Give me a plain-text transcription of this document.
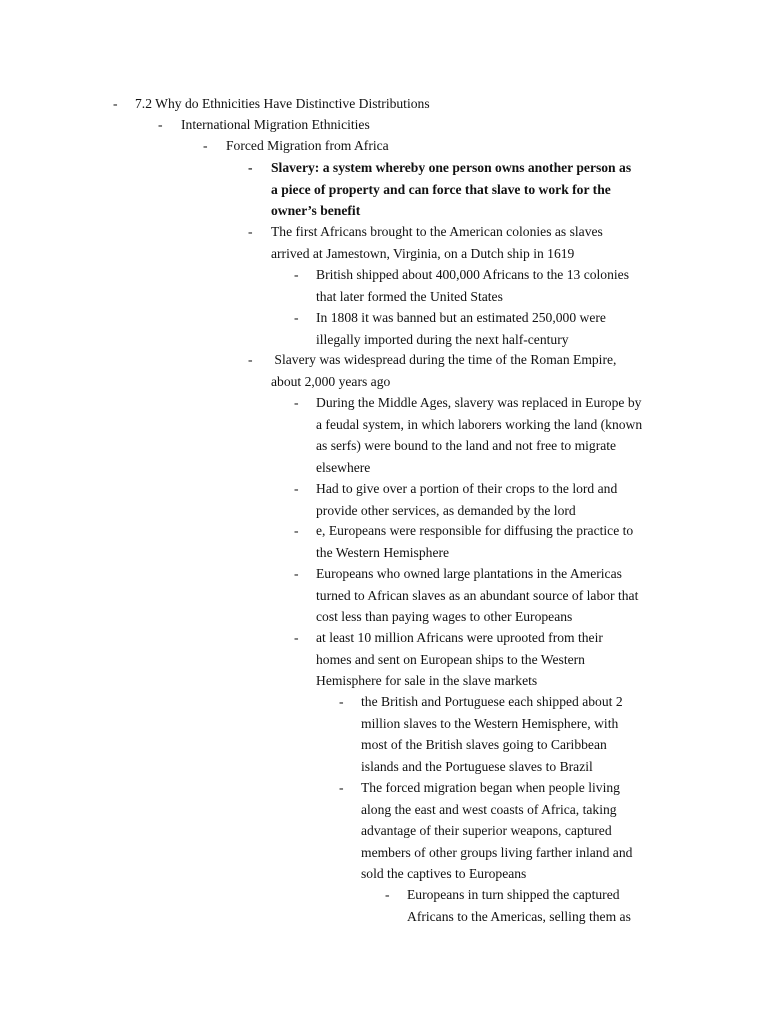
- 7.2 Why do Ethnicities Have Distinctive Distributions
- International Migration Ethnicities
- Forced Migration from Africa
- Slavery: a system whereby one person owns another person as
a piece of property and can force that slave to work for the
owner’s benefit
- The first Africans brought to the American colonies as slaves
arrived at Jamestown, Virginia, on a Dutch ship in 1619
- British shipped about 400,000 Africans to the 13 colonies
that later formed the United States
- In 1808 it was banned but an estimated 250,000 were
illegally imported during the next half-century
- Slavery was widespread during the time of the Roman Empire,
about 2,000 years ago
- During the Middle Ages, slavery was replaced in Europe by
a feudal system, in which laborers working the land (known
as serfs) were bound to the land and not free to migrate
elsewhere
- Had to give over a portion of their crops to the lord and
provide other services, as demanded by the lord
- e, Europeans were responsible for diffusing the practice to
the Western Hemisphere
- Europeans who owned large plantations in the Americas
turned to African slaves as an abundant source of labor that
cost less than paying wages to other Europeans
- at least 10 million Africans were uprooted from their
homes and sent on European ships to the Western
Hemisphere for sale in the slave markets
- the British and Portuguese each shipped about 2
million slaves to the Western Hemisphere, with
most of the British slaves going to Caribbean
islands and the Portuguese slaves to Brazil
- The forced migration began when people living
along the east and west coasts of Africa, taking
advantage of their superior weapons, captured
members of other groups living farther inland and
sold the captives to Europeans
- Europeans in turn shipped the captured
Africans to the Americas, selling them as
